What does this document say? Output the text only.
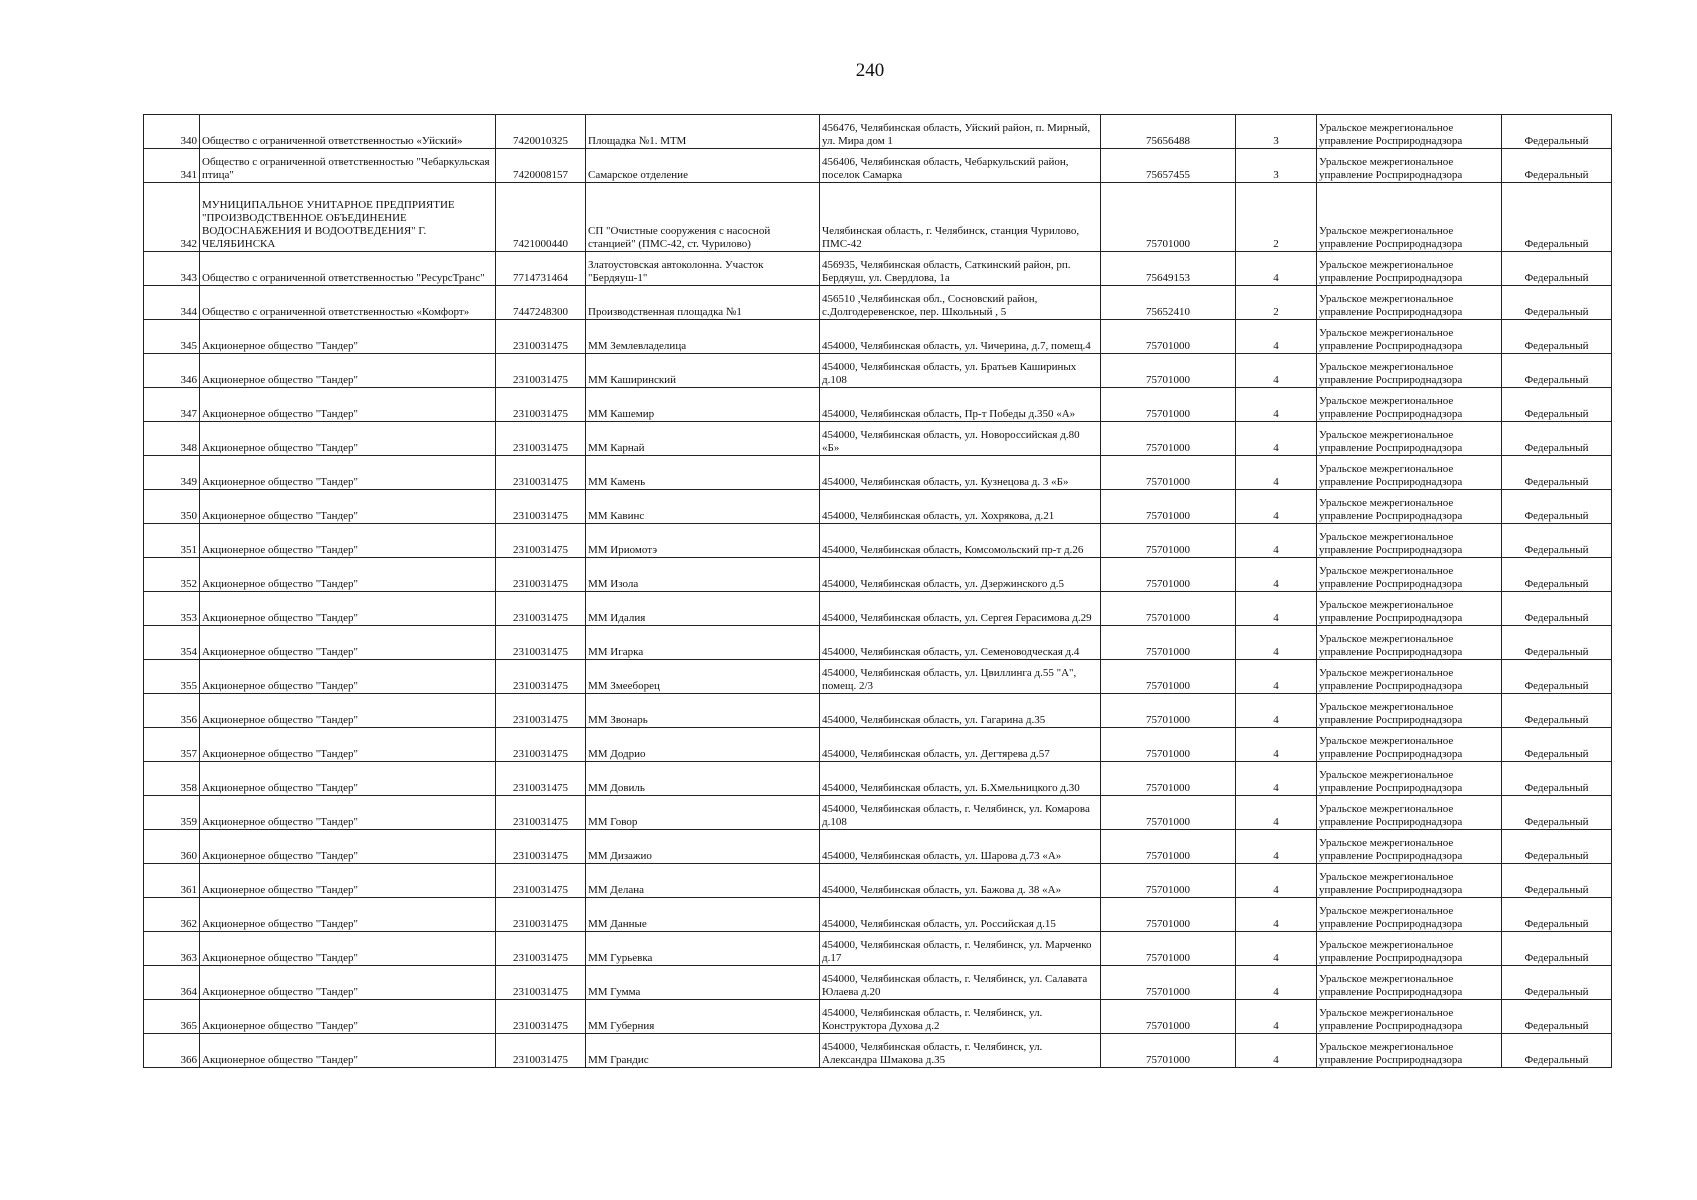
240
340	Общество с ограниченной ответственностью «Уйский»	7420010325	Площадка №1. МТМ	456476, Челябинская область, Уйский район, п. Мирный, ул. Мира дом 1	75656488	3	Уральское межрегиональное управление Росприроднадзора	Федеральный
341	Общество с ограниченной ответственностью "Чебаркульская птица"	7420008157	Самарское отделение	456406, Челябинская область, Чебаркульский район, поселок Самарка	75657455	3	Уральское межрегиональное управление Росприроднадзора	Федеральный
342	МУНИЦИПАЛЬНОЕ УНИТАРНОЕ ПРЕДПРИЯТИЕ "ПРОИЗВОДСТВЕННОЕ ОБЪЕДИНЕНИЕ ВОДОСНАБЖЕНИЯ И ВОДООТВЕДЕНИЯ" Г. ЧЕЛЯБИНСКА	7421000440	СП "Очистные сооружения с насосной станцией" (ПМС-42, ст. Чурилово)	Челябинская область, г. Челябинск, станция Чурилово, ПМС-42	75701000	2	Уральское межрегиональное управление Росприроднадзора	Федеральный
343	Общество с ограниченной ответственностью "РесурсТранс"	7714731464	Златоустовская автоколонна. Участок "Бердяуш-1"	456935, Челябинская область, Саткинский район, рп. Бердяуш, ул. Свердлова, 1а	75649153	4	Уральское межрегиональное управление Росприроднадзора	Федеральный
344	Общество с ограниченной ответственностью «Комфорт»	7447248300	Производственная площадка №1	456510 ,Челябинская обл., Сосновский район, с.Долгодеревенское, пер. Школьный , 5	75652410	2	Уральское межрегиональное управление Росприроднадзора	Федеральный
345	Акционерное общество "Тандер"	2310031475	ММ Землевладелица	454000, Челябинская область, ул. Чичерина, д.7, помещ.4	75701000	4	Уральское межрегиональное управление Росприроднадзора	Федеральный
346	Акционерное общество "Тандер"	2310031475	ММ Каширинский	454000, Челябинская область, ул. Братьев Кашириных д.108	75701000	4	Уральское межрегиональное управление Росприроднадзора	Федеральный
347	Акционерное общество "Тандер"	2310031475	ММ Кашемир	454000, Челябинская область, Пр-т Победы д.350 «А»	75701000	4	Уральское межрегиональное управление Росприроднадзора	Федеральный
348	Акционерное общество "Тандер"	2310031475	ММ Карнай	454000, Челябинская область, ул. Новороссийская д.80 «Б»	75701000	4	Уральское межрегиональное управление Росприроднадзора	Федеральный
349	Акционерное общество "Тандер"	2310031475	ММ Камень	454000, Челябинская область, ул. Кузнецова д. 3 «Б»	75701000	4	Уральское межрегиональное управление Росприроднадзора	Федеральный
350	Акционерное общество "Тандер"	2310031475	ММ Кавинс	454000, Челябинская область, ул. Хохрякова, д.21	75701000	4	Уральское межрегиональное управление Росприроднадзора	Федеральный
351	Акционерное общество "Тандер"	2310031475	ММ Ириомотэ	454000, Челябинская область, Комсомольский пр-т д.26	75701000	4	Уральское межрегиональное управление Росприроднадзора	Федеральный
352	Акционерное общество "Тандер"	2310031475	ММ Изола	454000, Челябинская область, ул. Дзержинского д.5	75701000	4	Уральское межрегиональное управление Росприроднадзора	Федеральный
353	Акционерное общество "Тандер"	2310031475	ММ Идалия	454000, Челябинская область, ул. Сергея Герасимова д.29	75701000	4	Уральское межрегиональное управление Росприроднадзора	Федеральный
354	Акционерное общество "Тандер"	2310031475	ММ Игарка	454000, Челябинская область, ул. Семеноводческая д.4	75701000	4	Уральское межрегиональное управление Росприроднадзора	Федеральный
355	Акционерное общество "Тандер"	2310031475	ММ Змееборец	454000, Челябинская область, ул. Цвиллинга д.55 "А", помещ. 2/3	75701000	4	Уральское межрегиональное управление Росприроднадзора	Федеральный
356	Акционерное общество "Тандер"	2310031475	ММ Звонарь	454000, Челябинская область, ул. Гагарина д.35	75701000	4	Уральское межрегиональное управление Росприроднадзора	Федеральный
357	Акционерное общество "Тандер"	2310031475	ММ Додрио	454000, Челябинская область, ул. Дегтярева д.57	75701000	4	Уральское межрегиональное управление Росприроднадзора	Федеральный
358	Акционерное общество "Тандер"	2310031475	ММ Довиль	454000, Челябинская область, ул. Б.Хмельницкого д.30	75701000	4	Уральское межрегиональное управление Росприроднадзора	Федеральный
359	Акционерное общество "Тандер"	2310031475	ММ Говор	454000, Челябинская область, г. Челябинск, ул. Комарова д.108	75701000	4	Уральское межрегиональное управление Росприроднадзора	Федеральный
360	Акционерное общество "Тандер"	2310031475	ММ Дизажио	454000, Челябинская область, ул. Шарова д.73 «А»	75701000	4	Уральское межрегиональное управление Росприроднадзора	Федеральный
361	Акционерное общество "Тандер"	2310031475	ММ Делана	454000, Челябинская область, ул. Бажова д. 38 «А»	75701000	4	Уральское межрегиональное управление Росприроднадзора	Федеральный
362	Акционерное общество "Тандер"	2310031475	ММ Данные	454000, Челябинская область, ул. Российская д.15	75701000	4	Уральское межрегиональное управление Росприроднадзора	Федеральный
363	Акционерное общество "Тандер"	2310031475	ММ Гурьевка	454000, Челябинская область, г. Челябинск, ул. Марченко д.17	75701000	4	Уральское межрегиональное управление Росприроднадзора	Федеральный
364	Акционерное общество "Тандер"	2310031475	ММ Гумма	454000, Челябинская область, г. Челябинск, ул. Салавата Юлаева д.20	75701000	4	Уральское межрегиональное управление Росприроднадзора	Федеральный
365	Акционерное общество "Тандер"	2310031475	ММ Губерния	454000, Челябинская область, г. Челябинск, ул. Конструктора Духова д.2	75701000	4	Уральское межрегиональное управление Росприроднадзора	Федеральный
366	Акционерное общество "Тандер"	2310031475	ММ Грандис	454000, Челябинская область, г. Челябинск, ул. Александра Шмакова д.35	75701000	4	Уральское межрегиональное управление Росприроднадзора	Федеральный
